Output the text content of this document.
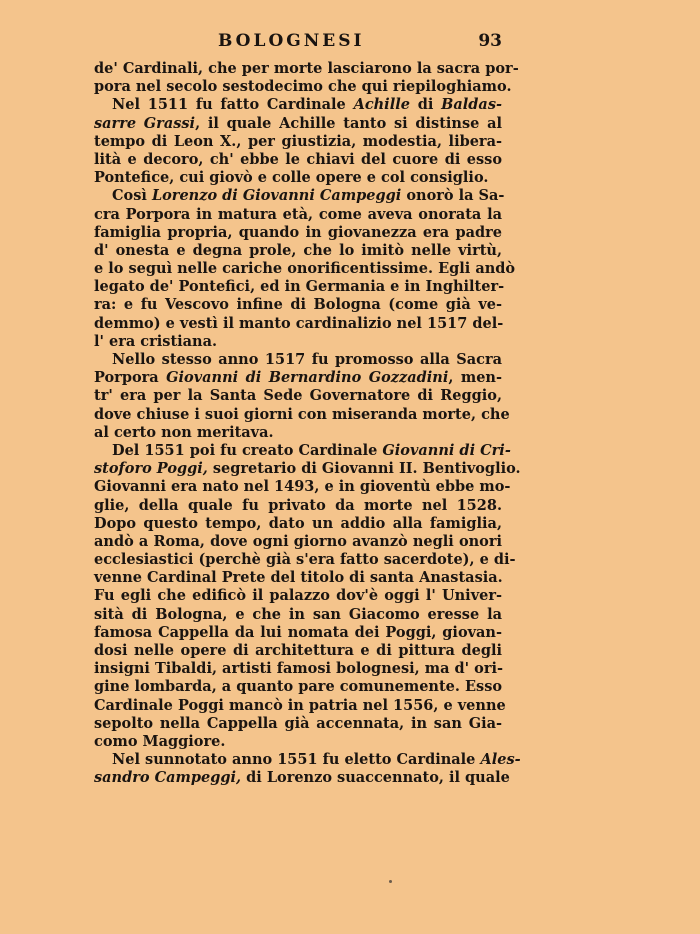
BOLOGNESI	93
de' Cardinali, che per morte lasciarono la sacra por-
pora nel secolo sestodecimo che qui riepiloghiamo.
Nel 1511 fu fatto Cardinale Achille di Baldas-
sarre Grassi, il quale Achille tanto si distinse al
tempo di Leon X., per giustizia, modestia, libera-
lità e decoro, ch' ebbe le chiavi del cuore di esso
Pontefice, cui giovò e colle opere e col consiglio.
Così Lorenzo di Giovanni Campeggi onorò la Sa-
cra Porpora in matura età, come aveva onorata la
famiglia propria, quando in giovanezza era padre
d' onesta e degna prole, che lo imitò nelle virtù,
e lo seguì nelle cariche onorificentissime. Egli andò
legato de' Pontefici, ed in Germania e in Inghilter-
ra: e fu Vescovo infine di Bologna (come già ve-
demmo) e vestì il manto cardinalizio nel 1517 del-
l' era cristiana.
Nello stesso anno 1517 fu promosso alla Sacra
Porpora Giovanni di Bernardino Gozzadini, men-
tr' era per la Santa Sede Governatore di Reggio,
dove chiuse i suoi giorni con miseranda morte, che
al certo non meritava.
Del 1551 poi fu creato Cardinale Giovanni di Cri-
stoforo Poggi, segretario di Giovanni II. Bentivoglio.
Giovanni era nato nel 1493, e in gioventù ebbe mo-
glie, della quale fu privato da morte nel 1528.
Dopo questo tempo, dato un addio alla famiglia,
andò a Roma, dove ogni giorno avanzò negli onori
ecclesiastici (perchè già s'era fatto sacerdote), e di-
venne Cardinal Prete del titolo di santa Anastasia.
Fu egli che edificò il palazzo dov'è oggi l' Univer-
sità di Bologna, e che in san Giacomo eresse la
famosa Cappella da lui nomata dei Poggi, giovan-
dosi nelle opere di architettura e di pittura degli
insigni Tibaldi, artisti famosi bolognesi, ma d' ori-
gine lombarda, a quanto pare comunemente. Esso
Cardinale Poggi mancò in patria nel 1556, e venne
sepolto nella Cappella già accennata, in san Gia-
como Maggiore.
Nel sunnotato anno 1551 fu eletto Cardinale Ales-
sandro Campeggi, di Lorenzo suaccennato, il quale
